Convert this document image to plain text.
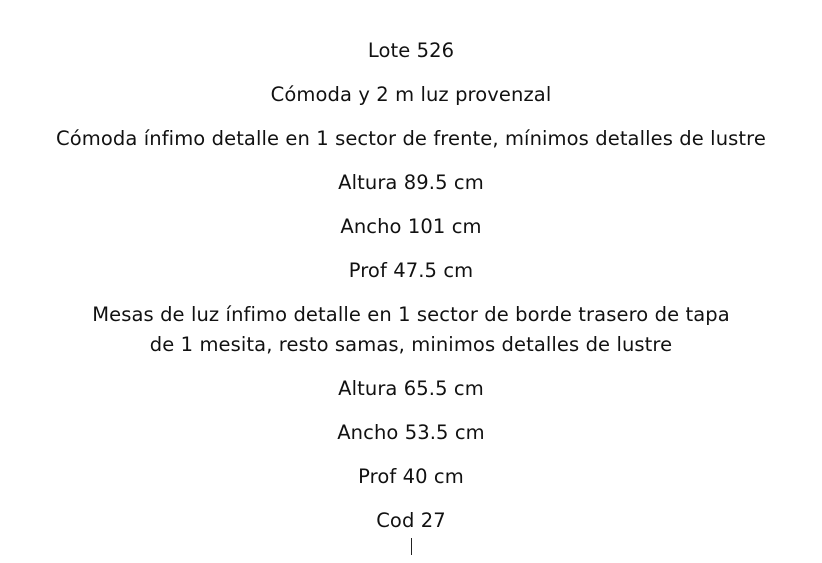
Lote 526

Cómoda y 2 m luz provenzal

Cómoda ínfimo detalle en 1 sector de frente, mínimos detalles de lustre

Altura 89.5 cm

Ancho 101 cm

Prof 47.5 cm

Mesas de luz ínfimo detalle en 1 sector de borde trasero de tapa de 1 mesita, resto samas, minimos detalles de lustre

Altura 65.5 cm

Ancho 53.5 cm

Prof 40 cm

Cod 27
